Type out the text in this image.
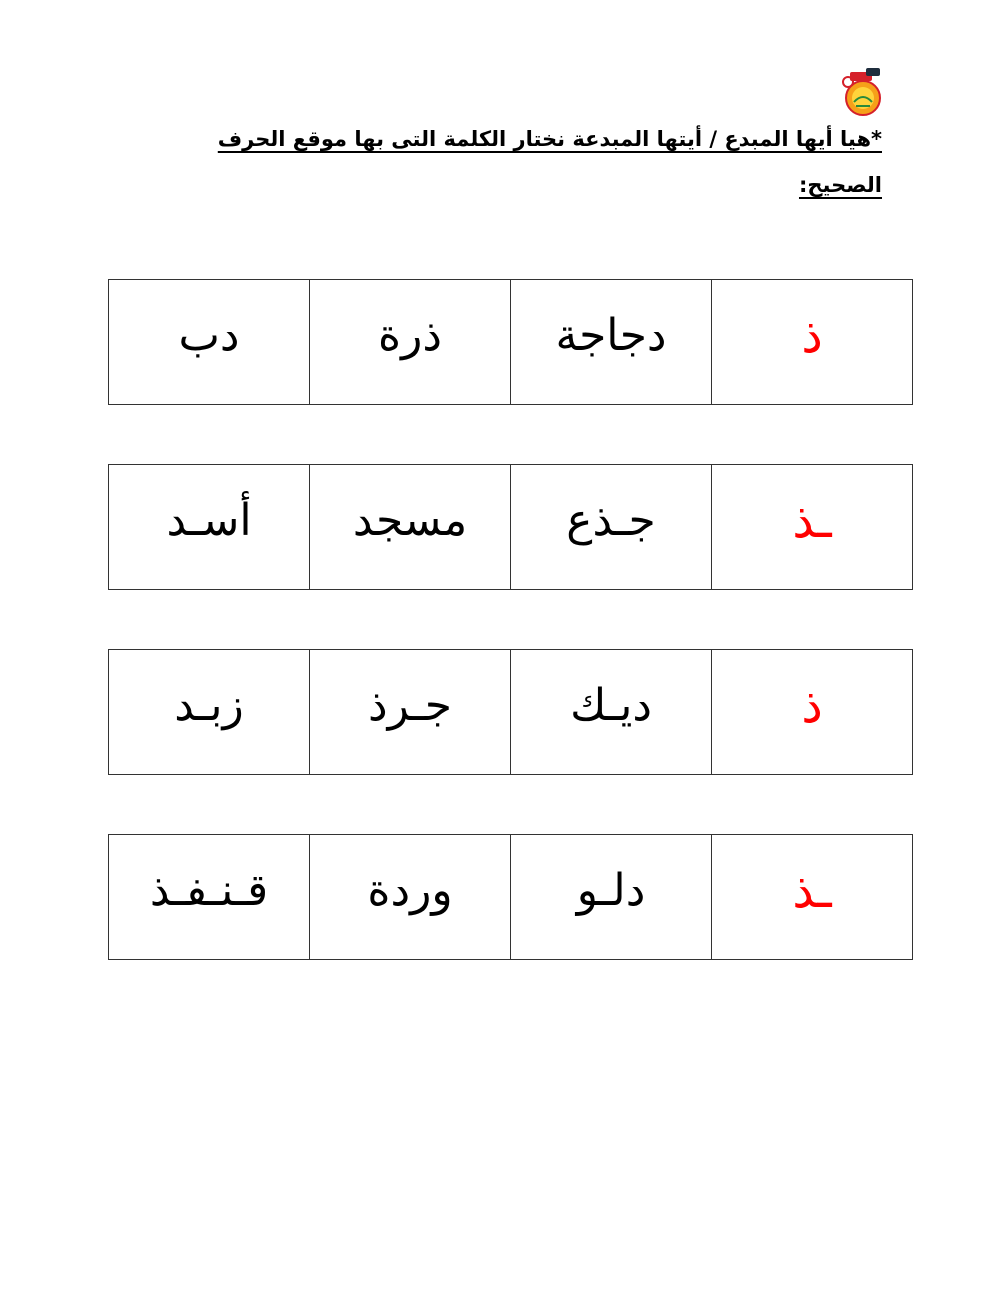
*هيا أيها المبدع / أيتها المبدعة نختار الكلمة التى بها موقع الحرف الصحيح:
ذ
دجاجة
ذرة
دب
ـذ
جـذع
مسجد
أسـد
ذ
ديـك
جـرذ
زبـد
ـذ
دلـو
وردة
قـنـفـذ
